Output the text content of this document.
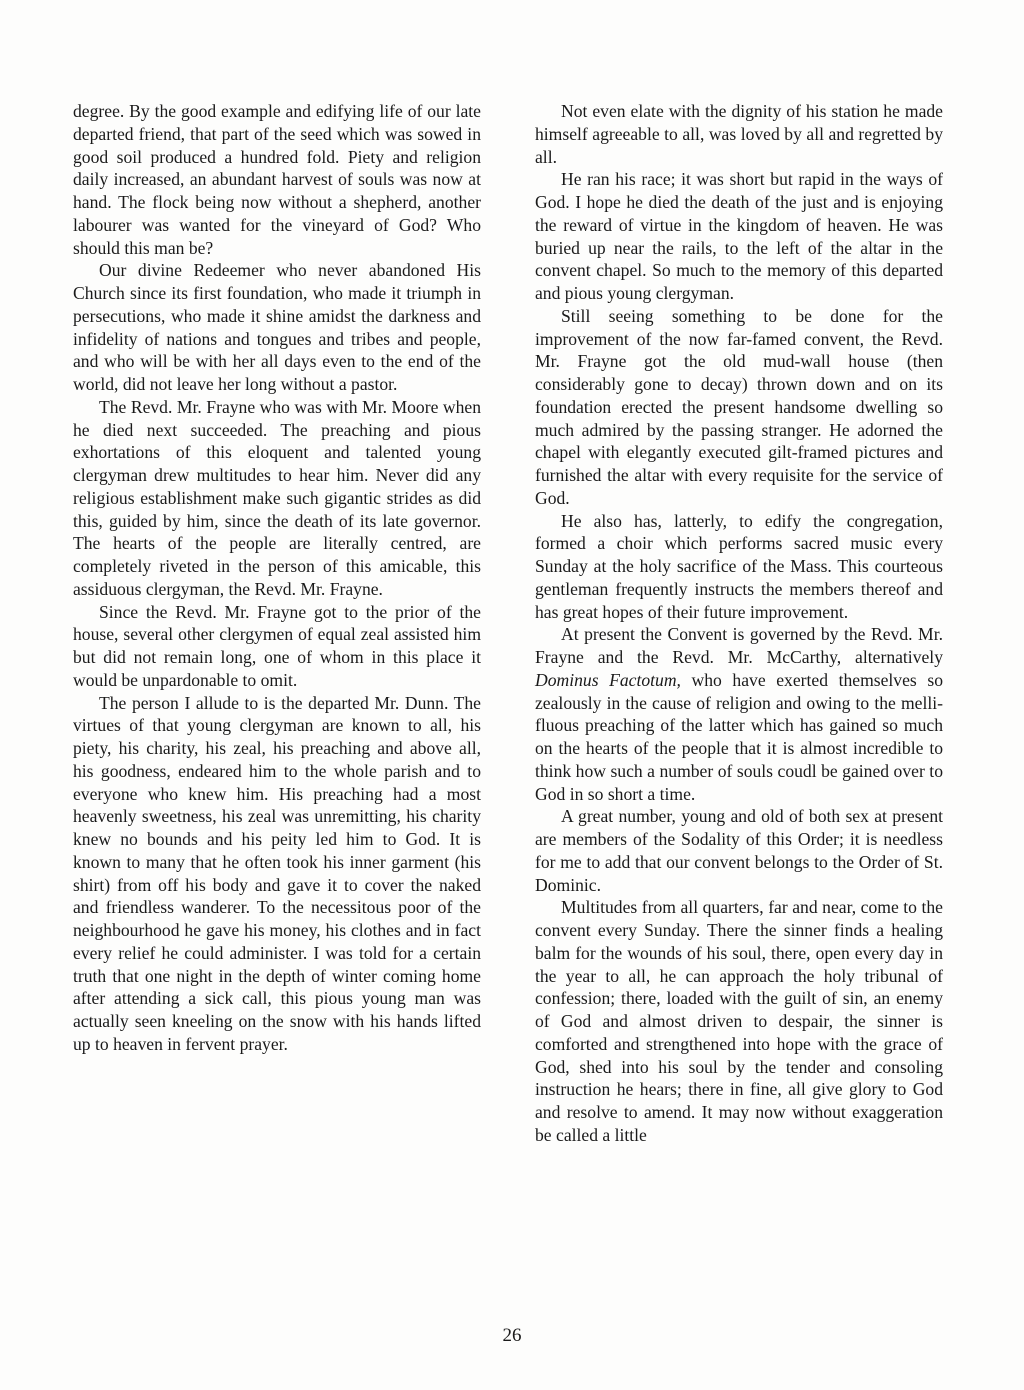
degree. By the good example and edifying life of our late departed friend, that part of the seed which was sowed in good soil produced a hundred fold. Piety and religion daily increased, an abundant harvest of souls was now at hand. The flock being now without a shepherd, another labourer was wanted for the vineyard of God? Who should this man be?

Our divine Redeemer who never abandoned His Church since its first foundation, who made it triumph in persecutions, who made it shine amidst the darkness and infidelity of nations and tongues and tribes and people, and who will be with her all days even to the end of the world, did not leave her long without a pastor.

The Revd. Mr. Frayne who was with Mr. Moore when he died next succeeded. The preaching and pious exhortations of this eloquent and talented young clergyman drew multitudes to hear him. Never did any religious establishment make such gigantic strides as did this, guided by him, since the death of its late governor. The hearts of the people are literally centred, are completely riveted in the person of this amicable, this assiduous clergyman, the Revd. Mr. Frayne.

Since the Revd. Mr. Frayne got to the prior of the house, several other clergymen of equal zeal assisted him but did not remain long, one of whom in this place it would be unpardonable to omit.

The person I allude to is the departed Mr. Dunn. The virtues of that young clergyman are known to all, his piety, his charity, his zeal, his preaching and above all, his goodness, endeared him to the whole parish and to everyone who knew him. His preaching had a most heavenly sweetness, his zeal was unremitting, his charity knew no bounds and his peity led him to God. It is known to many that he often took his inner garment (his shirt) from off his body and gave it to cover the naked and friendless wanderer. To the necessitous poor of the neighbourhood he gave his money, his clothes and in fact every relief he could administer. I was told for a certain truth that one night in the depth of winter coming home after attending a sick call, this pious young man was actually seen kneeling on the snow with his hands lifted up to heaven in fervent prayer.

Not even elate with the dignity of his station he made himself agreeable to all, was loved by all and regretted by all.

He ran his race; it was short but rapid in the ways of God. I hope he died the death of the just and is enjoying the reward of virtue in the kingdom of heaven. He was buried up near the rails, to the left of the altar in the convent chapel. So much to the memory of this departed and pious young clergyman.

Still seeing something to be done for the improvement of the now far-famed convent, the Revd. Mr. Frayne got the old mud-wall house (then considerably gone to decay) thrown down and on its foundation erected the present handsome dwelling so much admired by the passing stranger. He adorned the chapel with elegantly executed gilt-framed pictures and furnished the altar with every requisite for the service of God.

He also has, latterly, to edify the congregation, formed a choir which performs sacred music every Sunday at the holy sacrifice of the Mass. This courteous gentleman frequently instructs the members thereof and has great hopes of their future improvement.

At present the Convent is governed by the Revd. Mr. Frayne and the Revd. Mr. McCarthy, alternatively Dominus Factotum, who have exerted themselves so zealously in the cause of religion and owing to the mellifluous preaching of the latter which has gained so much on the hearts of the people that it is almost incredible to think how such a number of souls coudl be gained over to God in so short a time.

A great number, young and old of both sex at present are members of the Sodality of this Order; it is needless for me to add that our convent belongs to the Order of St. Dominic.

Multitudes from all quarters, far and near, come to the convent every Sunday. There the sinner finds a healing balm for the wounds of his soul, there, open every day in the year to all, he can approach the holy tribunal of confession; there, loaded with the guilt of sin, an enemy of God and almost driven to despair, the sinner is comforted and strengthened into hope with the grace of God, shed into his soul by the tender and consoling instruction he hears; there in fine, all give glory to God and resolve to amend. It may now without exaggeration be called a little

26
